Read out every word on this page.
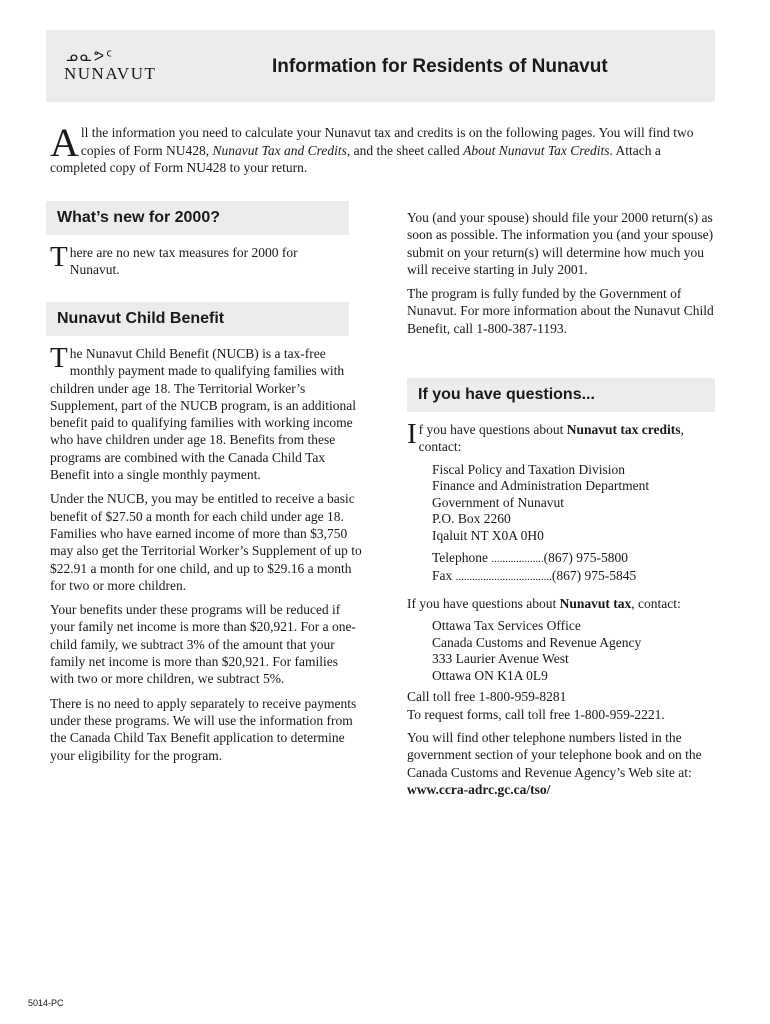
ᓄᓇᕗᑦ
NUNAVUT	Information for Residents of Nunavut
All the information you need to calculate your Nunavut tax and credits is on the following pages. You will find two copies of Form NU428, Nunavut Tax and Credits, and the sheet called About Nunavut Tax Credits. Attach a completed copy of Form NU428 to your return.
What’s new for 2000?

There are no new tax measures for 2000 for Nunavut.

Nunavut Child Benefit

The Nunavut Child Benefit (NUCB) is a tax-free monthly payment made to qualifying families with children under age 18. The Territorial Worker’s Supplement, part of the NUCB program, is an additional benefit paid to qualifying families with working income who have children under age 18. Benefits from these programs are combined with the Canada Child Tax Benefit into a single monthly payment.

Under the NUCB, you may be entitled to receive a basic benefit of $27.50 a month for each child under age 18. Families who have earned income of more than $3,750 may also get the Territorial Worker’s Supplement of up to $22.91 a month for one child, and up to $29.16 a month for two or more children.

Your benefits under these programs will be reduced if your family net income is more than $20,921. For a one-child family, we subtract 3% of the amount that your family net income is more than $20,921. For families with two or more children, we subtract 5%.

There is no need to apply separately to receive payments under these programs. We will use the information from the Canada Child Tax Benefit application to determine your eligibility for the program.

You (and your spouse) should file your 2000 return(s) as soon as possible. The information you (and your spouse) submit on your return(s) will determine how much you will receive starting in July 2001.

The program is fully funded by the Government of Nunavut. For more information about the Nunavut Child Benefit, call 1-800-387-1193.

If you have questions...

If you have questions about Nunavut tax credits, contact:

Fiscal Policy and Taxation Division
Finance and Administration Department
Government of Nunavut
P.O. Box 2260
Iqaluit NT X0A 0H0
Telephone
................... (867) 975-5800
Fax
................................... (867) 975-5845

If you have questions about Nunavut tax, contact:

Ottawa Tax Services Office
Canada Customs and Revenue Agency
333 Laurier Avenue West
Ottawa ON K1A 0L9

Call toll free 1-800-959-8281
To request forms, call toll free 1-800-959-2221.

You will find other telephone numbers listed in the government section of your telephone book and on the Canada Customs and Revenue Agency’s Web site at: www.ccra-adrc.gc.ca/tso/

5014-PC
